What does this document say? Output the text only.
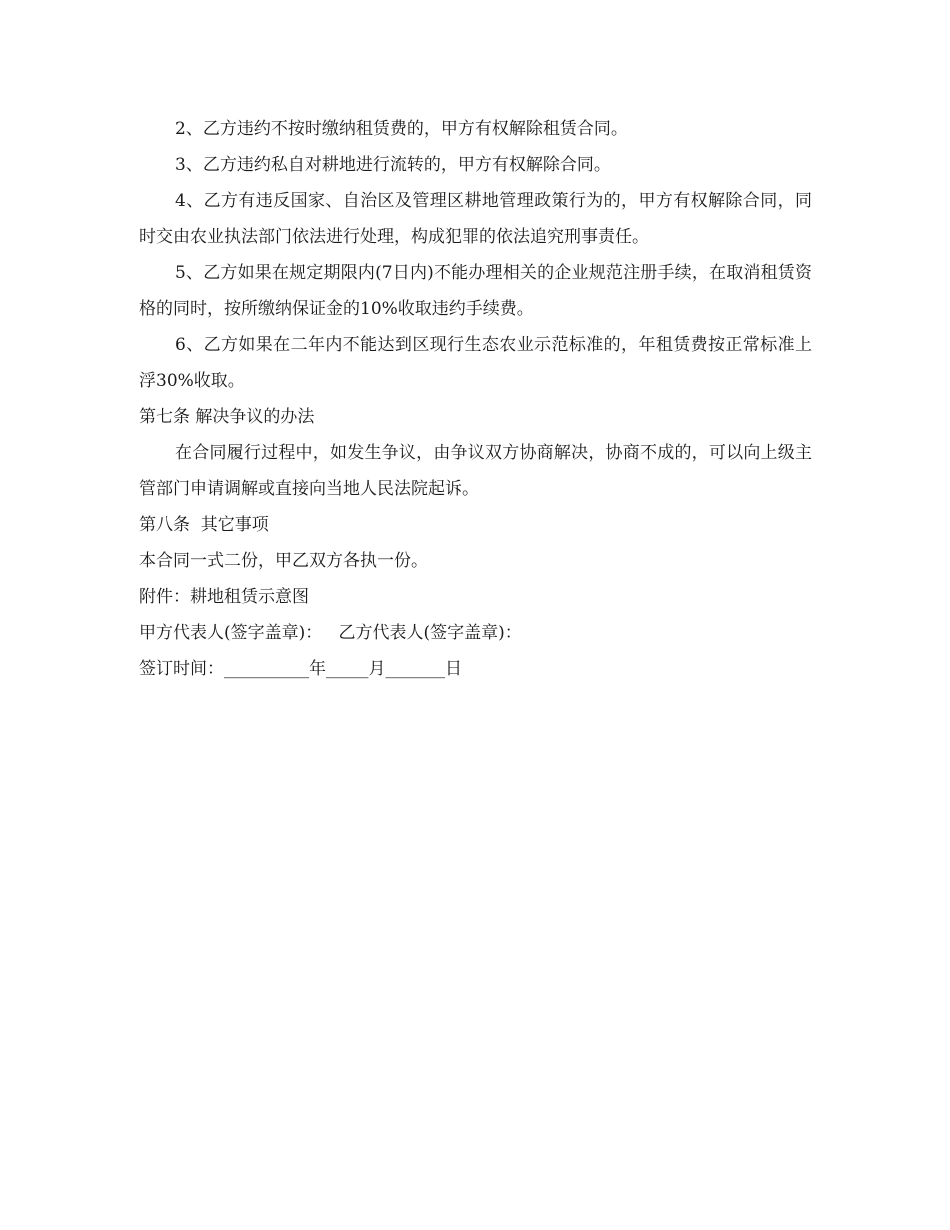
2、乙方违约不按时缴纳租赁费的，甲方有权解除租赁合同。

3、乙方违约私自对耕地进行流转的，甲方有权解除合同。

4、乙方有违反国家、自治区及管理区耕地管理政策行为的，甲方有权解除合同，同时交由农业执法部门依法进行处理，构成犯罪的依法追究刑事责任。

5、乙方如果在规定期限内(7日内)不能办理相关的企业规范注册手续，在取消租赁资格的同时，按所缴纳保证金的10%收取违约手续费。

6、乙方如果在二年内不能达到区现行生态农业示范标准的，年租赁费按正常标准上浮30%收取。

第七条 解决争议的办法

在合同履行过程中，如发生争议，由争议双方协商解决，协商不成的，可以向上级主管部门申请调解或直接向当地人民法院起诉。

第八条  其它事项

本合同一式二份，甲乙双方各执一份。

附件：耕地租赁示意图

甲方代表人(签字盖章)：   乙方代表人(签字盖章)：

签订时间：__________年_____月_______日
